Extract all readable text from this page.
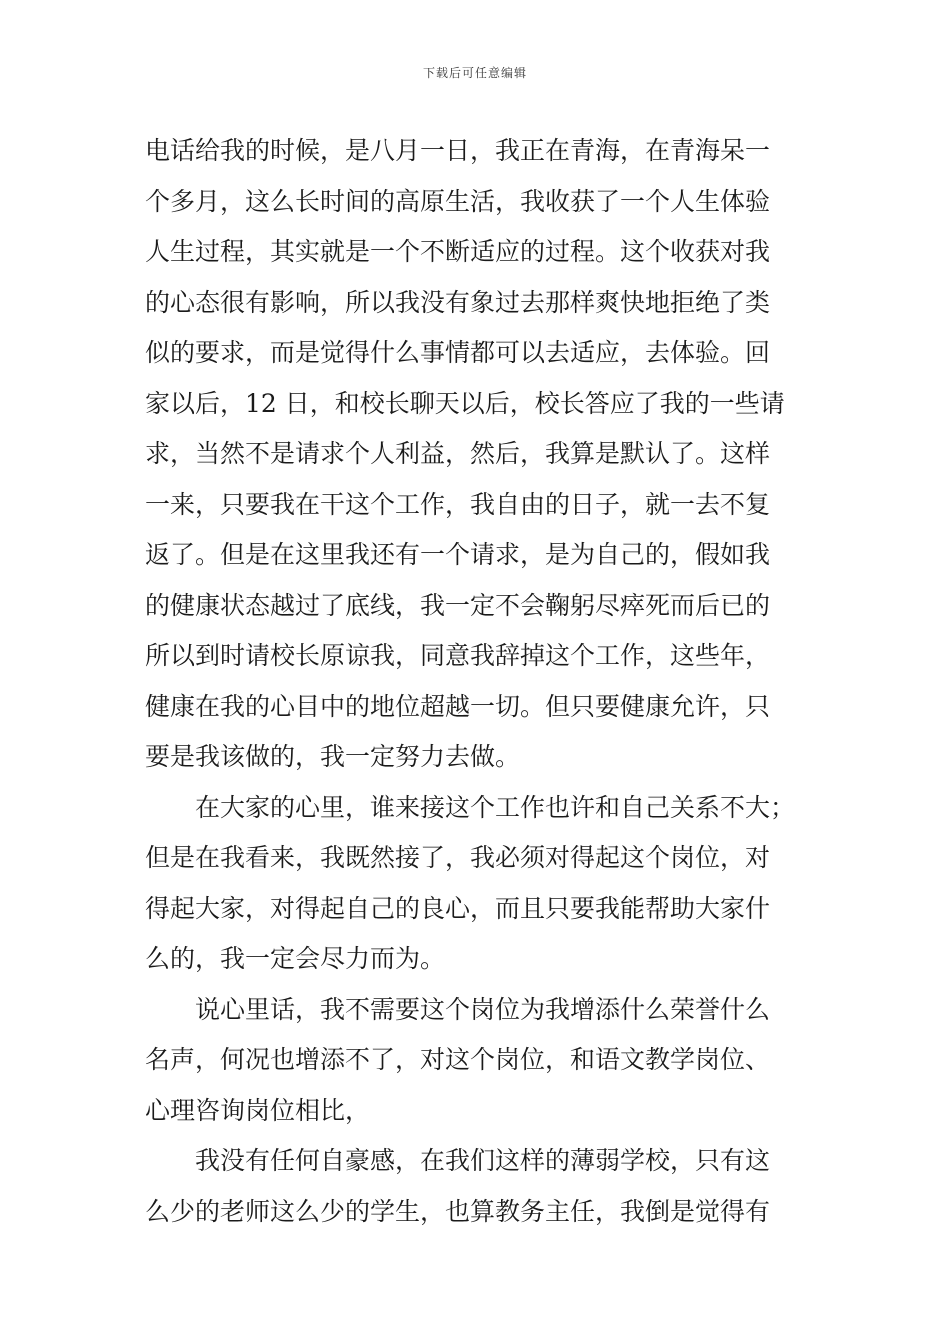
下载后可任意编辑
电话给我的时候，是八月一日，我正在青海，在青海呆一
个多月，这么长时间的高原生活，我收获了一个人生体验
人生过程，其实就是一个不断适应的过程。这个收获对我
的心态很有影响，所以我没有象过去那样爽快地拒绝了类
似的要求，而是觉得什么事情都可以去适应，去体验。回
家以后，12 日，和校长聊天以后，校长答应了我的一些请
求，当然不是请求个人利益，然后，我算是默认了。这样
一来，只要我在干这个工作，我自由的日子，就一去不复
返了。但是在这里我还有一个请求，是为自己的，假如我
的健康状态越过了底线，我一定不会鞠躬尽瘁死而后已的
所以到时请校长原谅我，同意我辞掉这个工作，这些年，
健康在我的心目中的地位超越一切。但只要健康允许，只
要是我该做的，我一定努力去做。
在大家的心里，谁来接这个工作也许和自己关系不大；
但是在我看来，我既然接了，我必须对得起这个岗位，对
得起大家，对得起自己的良心，而且只要我能帮助大家什
么的，我一定会尽力而为。
说心里话，我不需要这个岗位为我增添什么荣誉什么
名声，何况也增添不了，对这个岗位，和语文教学岗位、
心理咨询岗位相比，
我没有任何自豪感，在我们这样的薄弱学校，只有这
么少的老师这么少的学生，也算教务主任，我倒是觉得有
